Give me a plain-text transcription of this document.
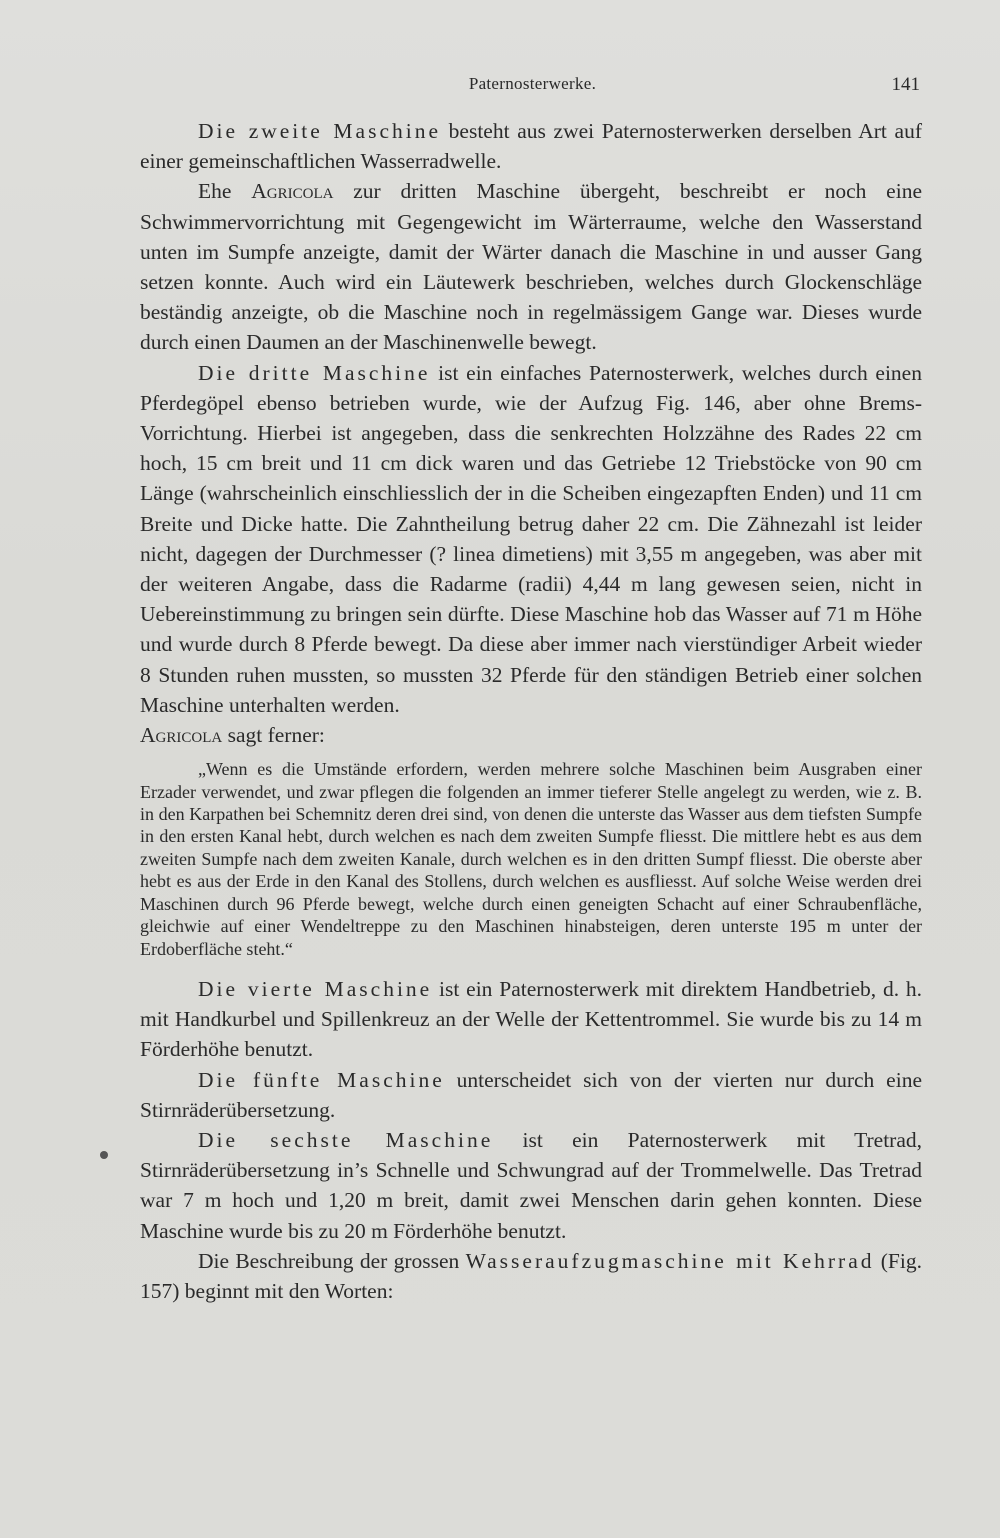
Paternosterwerke.	141

Die zweite Maschine besteht aus zwei Paternosterwerken derselben Art auf einer gemeinschaftlichen Wasserradwelle.

Ehe Agricola zur dritten Maschine übergeht, beschreibt er noch eine Schwimmervorrichtung mit Gegengewicht im Wärterraume, welche den Wasserstand unten im Sumpfe anzeigte, damit der Wärter danach die Maschine in und ausser Gang setzen konnte. Auch wird ein Läutewerk beschrieben, welches durch Glockenschläge beständig anzeigte, ob die Maschine noch in regelmässigem Gange war. Dieses wurde durch einen Daumen an der Maschinenwelle bewegt.

Die dritte Maschine ist ein einfaches Paternosterwerk, welches durch einen Pferdegöpel ebenso betrieben wurde, wie der Aufzug Fig. 146, aber ohne Brems-Vorrichtung. Hierbei ist angegeben, dass die senkrechten Holzzähne des Rades 22 cm hoch, 15 cm breit und 11 cm dick waren und das Getriebe 12 Triebstöcke von 90 cm Länge (wahrscheinlich einschliesslich der in die Scheiben eingezapften Enden) und 11 cm Breite und Dicke hatte. Die Zahntheilung betrug daher 22 cm. Die Zähnezahl ist leider nicht, dagegen der Durchmesser (? linea dimetiens) mit 3,55 m angegeben, was aber mit der weiteren Angabe, dass die Radarme (radii) 4,44 m lang gewesen seien, nicht in Uebereinstimmung zu bringen sein dürfte. Diese Maschine hob das Wasser auf 71 m Höhe und wurde durch 8 Pferde bewegt. Da diese aber immer nach vierstündiger Arbeit wieder 8 Stunden ruhen mussten, so mussten 32 Pferde für den ständigen Betrieb einer solchen Maschine unterhalten werden.

Agricola sagt ferner:

„Wenn es die Umstände erfordern, werden mehrere solche Maschinen beim Ausgraben einer Erzader verwendet, und zwar pflegen die folgenden an immer tieferer Stelle angelegt zu werden, wie z. B. in den Karpathen bei Schemnitz deren drei sind, von denen die unterste das Wasser aus dem tiefsten Sumpfe in den ersten Kanal hebt, durch welchen es nach dem zweiten Sumpfe fliesst. Die mittlere hebt es aus dem zweiten Sumpfe nach dem zweiten Kanale, durch welchen es in den dritten Sumpf fliesst. Die oberste aber hebt es aus der Erde in den Kanal des Stollens, durch welchen es ausfliesst. Auf solche Weise werden drei Maschinen durch 96 Pferde bewegt, welche durch einen geneigten Schacht auf einer Schraubenfläche, gleichwie auf einer Wendeltreppe zu den Maschinen hinabsteigen, deren unterste 195 m unter der Erdoberfläche steht.“

Die vierte Maschine ist ein Paternosterwerk mit direktem Handbetrieb, d. h. mit Handkurbel und Spillenkreuz an der Welle der Kettentrommel. Sie wurde bis zu 14 m Förderhöhe benutzt.

Die fünfte Maschine unterscheidet sich von der vierten nur durch eine Stirnräderübersetzung.

Die sechste Maschine ist ein Paternosterwerk mit Tretrad, Stirnräderübersetzung in’s Schnelle und Schwungrad auf der Trommelwelle. Das Tretrad war 7 m hoch und 1,20 m breit, damit zwei Menschen darin gehen konnten. Diese Maschine wurde bis zu 20 m Förderhöhe benutzt.

Die Beschreibung der grossen Wasseraufzugmaschine mit Kehrrad (Fig. 157) beginnt mit den Worten:
